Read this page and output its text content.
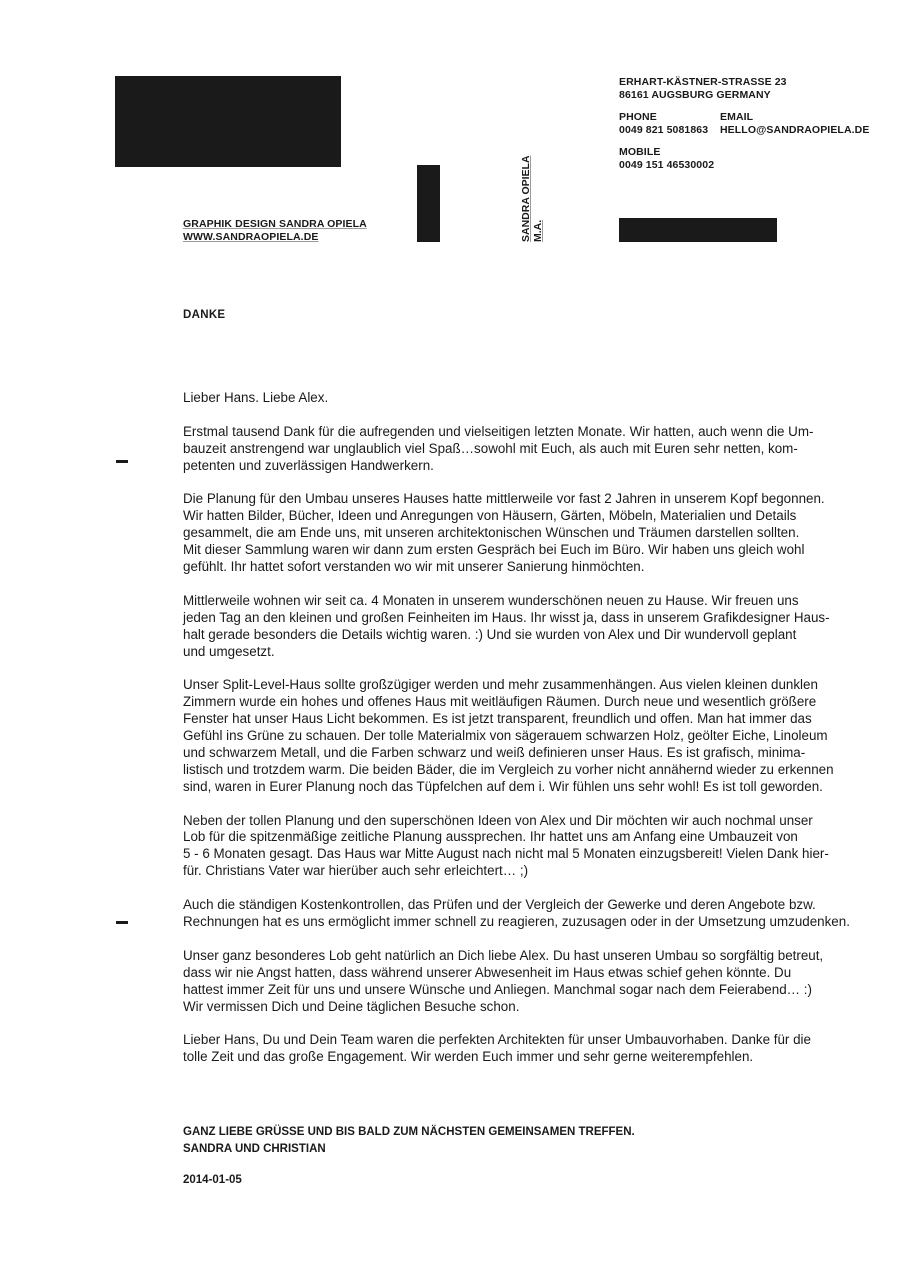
GRAPHIK DESIGN SANDRA OPIELA
WWW.SANDRAOPIELA.DE	SANDRA OPIELA M.A.
ERHART-KÄSTNER-STRASSE 23
86161 AUGSBURG GERMANY
PHONE
0049 821 5081863
EMAIL
HELLO@SANDRAOPIELA.DE
MOBILE
0049 151 46530002
DANKE

Lieber Hans. Liebe Alex.

Erstmal tausend Dank für die aufregenden und vielseitigen letzten Monate. Wir hatten, auch wenn die Um-
bauzeit anstrengend war unglaublich viel Spaß…sowohl mit Euch, als auch mit Euren sehr netten, kom-
petenten und zuverlässigen Handwerkern.

Die Planung für den Umbau unseres Hauses hatte mittlerweile vor fast 2 Jahren in unserem Kopf begonnen.
Wir hatten Bilder, Bücher, Ideen und Anregungen von Häusern, Gärten, Möbeln, Materialien und Details
gesammelt, die am Ende uns, mit unseren architektonischen Wünschen und Träumen darstellen sollten.
Mit dieser Sammlung waren wir dann zum ersten Gespräch bei Euch im Büro. Wir haben uns gleich wohl
gefühlt. Ihr hattet sofort verstanden wo wir mit unserer Sanierung hinmöchten.

Mittlerweile wohnen wir seit ca. 4 Monaten in unserem wunderschönen neuen zu Hause. Wir freuen uns
jeden Tag an den kleinen und großen Feinheiten im Haus. Ihr wisst ja, dass in unserem Grafikdesigner Haus-
halt gerade besonders die Details wichtig waren. :) Und sie wurden von Alex und Dir wundervoll geplant
und umgesetzt.

Unser Split-Level-Haus sollte großzügiger werden und mehr zusammenhängen. Aus vielen kleinen dunklen
Zimmern wurde ein hohes und offenes Haus mit weitläufigen Räumen. Durch neue und wesentlich größere
Fenster hat unser Haus Licht bekommen. Es ist jetzt transparent, freundlich und offen. Man hat immer das
Gefühl ins Grüne zu schauen. Der tolle Materialmix von sägerauem schwarzen Holz, geölter Eiche, Linoleum
und schwarzem Metall, und die Farben schwarz und weiß definieren unser Haus. Es ist grafisch, minima-
listisch und trotzdem warm. Die beiden Bäder, die im Vergleich zu vorher nicht annähernd wieder zu erkennen
sind, waren in Eurer Planung noch das Tüpfelchen auf dem i. Wir fühlen uns sehr wohl! Es ist toll geworden.

Neben der tollen Planung und den superschönen Ideen von Alex und Dir möchten wir auch nochmal unser
Lob für die spitzenmäßige zeitliche Planung aussprechen. Ihr hattet uns am Anfang eine Umbauzeit von
5 - 6 Monaten gesagt. Das Haus war Mitte August nach nicht mal 5 Monaten einzugsbereit! Vielen Dank hier-
für. Christians Vater war hierüber auch sehr erleichtert… ;)

Auch die ständigen Kostenkontrollen, das Prüfen und der Vergleich der Gewerke und deren Angebote bzw.
Rechnungen hat es uns ermöglicht immer schnell zu reagieren, zuzusagen oder in der Umsetzung umzudenken.

Unser ganz besonderes Lob geht natürlich an Dich liebe Alex. Du hast unseren Umbau so sorgfältig betreut,
dass wir nie Angst hatten, dass während unserer Abwesenheit im Haus etwas schief gehen könnte. Du
hattest immer Zeit für uns und unsere Wünsche und Anliegen. Manchmal sogar nach dem Feierabend… :)
Wir vermissen Dich und Deine täglichen Besuche schon.

Lieber Hans, Du und Dein Team waren die perfekten Architekten für unser Umbauvorhaben. Danke für die
tolle Zeit und das große Engagement. Wir werden Euch immer und sehr gerne weiterempfehlen.

GANZ LIEBE GRÜSSE UND BIS BALD ZUM NÄCHSTEN GEMEINSAMEN TREFFEN.
SANDRA UND CHRISTIAN
2014-01-05
